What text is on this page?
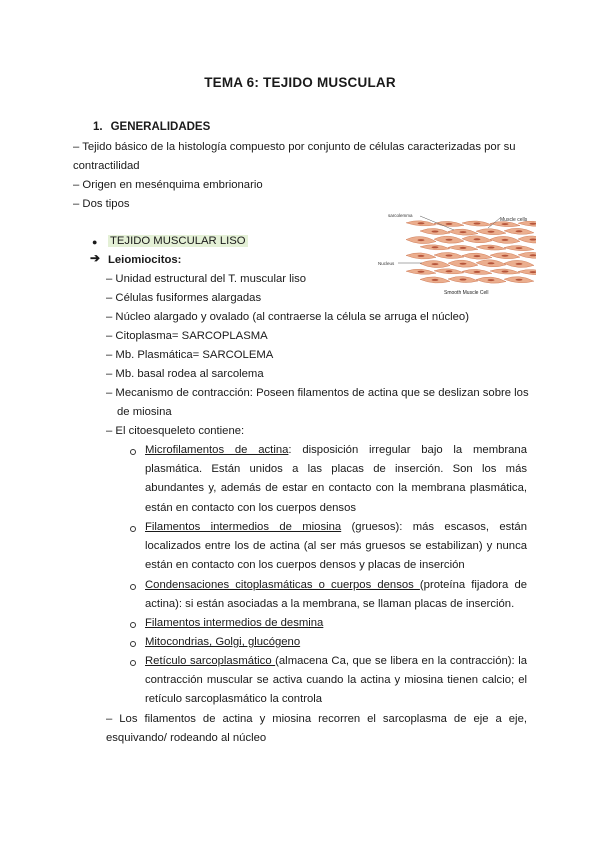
TEMA 6: TEJIDO MUSCULAR
1. GENERALIDADES
– Tejido básico de la histología compuesto por conjunto de células caracterizadas por su
contractilidad
– Origen en mesénquima embrionario
– Dos tipos
● TEJIDO MUSCULAR LISO
➔ Leiomiocitos:
– Unidad estructural del T. muscular liso
– Células fusiformes alargadas
– Núcleo alargado y ovalado (al contraerse la célula se arruga el núcleo)
– Citoplasma= SARCOPLASMA
– Mb. Plasmática= SARCOLEMA
– Mb. basal rodea al sarcolema
– Mecanismo de contracción: Poseen filamentos de actina que se deslizan sobre los
de miosina
– El citoesqueleto contiene:
Microfilamentos de actina: disposición irregular bajo la membrana plasmática. Están unidos a las placas de inserción. Son los más abundantes y, además de estar en contacto con la membrana plasmática, están en contacto con los cuerpos densos
Filamentos intermedios de miosina (gruesos): más escasos, están localizados entre los de actina (al ser más gruesos se estabilizan) y nunca están en contacto con los cuerpos densos y placas de inserción
Condensaciones citoplasmáticas o cuerpos densos (proteína fijadora de actina): si están asociadas a la membrana, se llaman placas de inserción.
Filamentos intermedios de desmina
Mitocondrias, Golgi, glucógeno
Retículo sarcoplasmático (almacena Ca, que se libera en la contracción): la contracción muscular se activa cuando la actina y miosina tienen calcio; el retículo sarcoplasmático la controla
– Los filamentos de actina y miosina recorren el sarcoplasma de eje a eje, esquivando/ rodeando al núcleo
sarcolemma
Muscle cells
Nucleus
Smooth Muscle Cell
